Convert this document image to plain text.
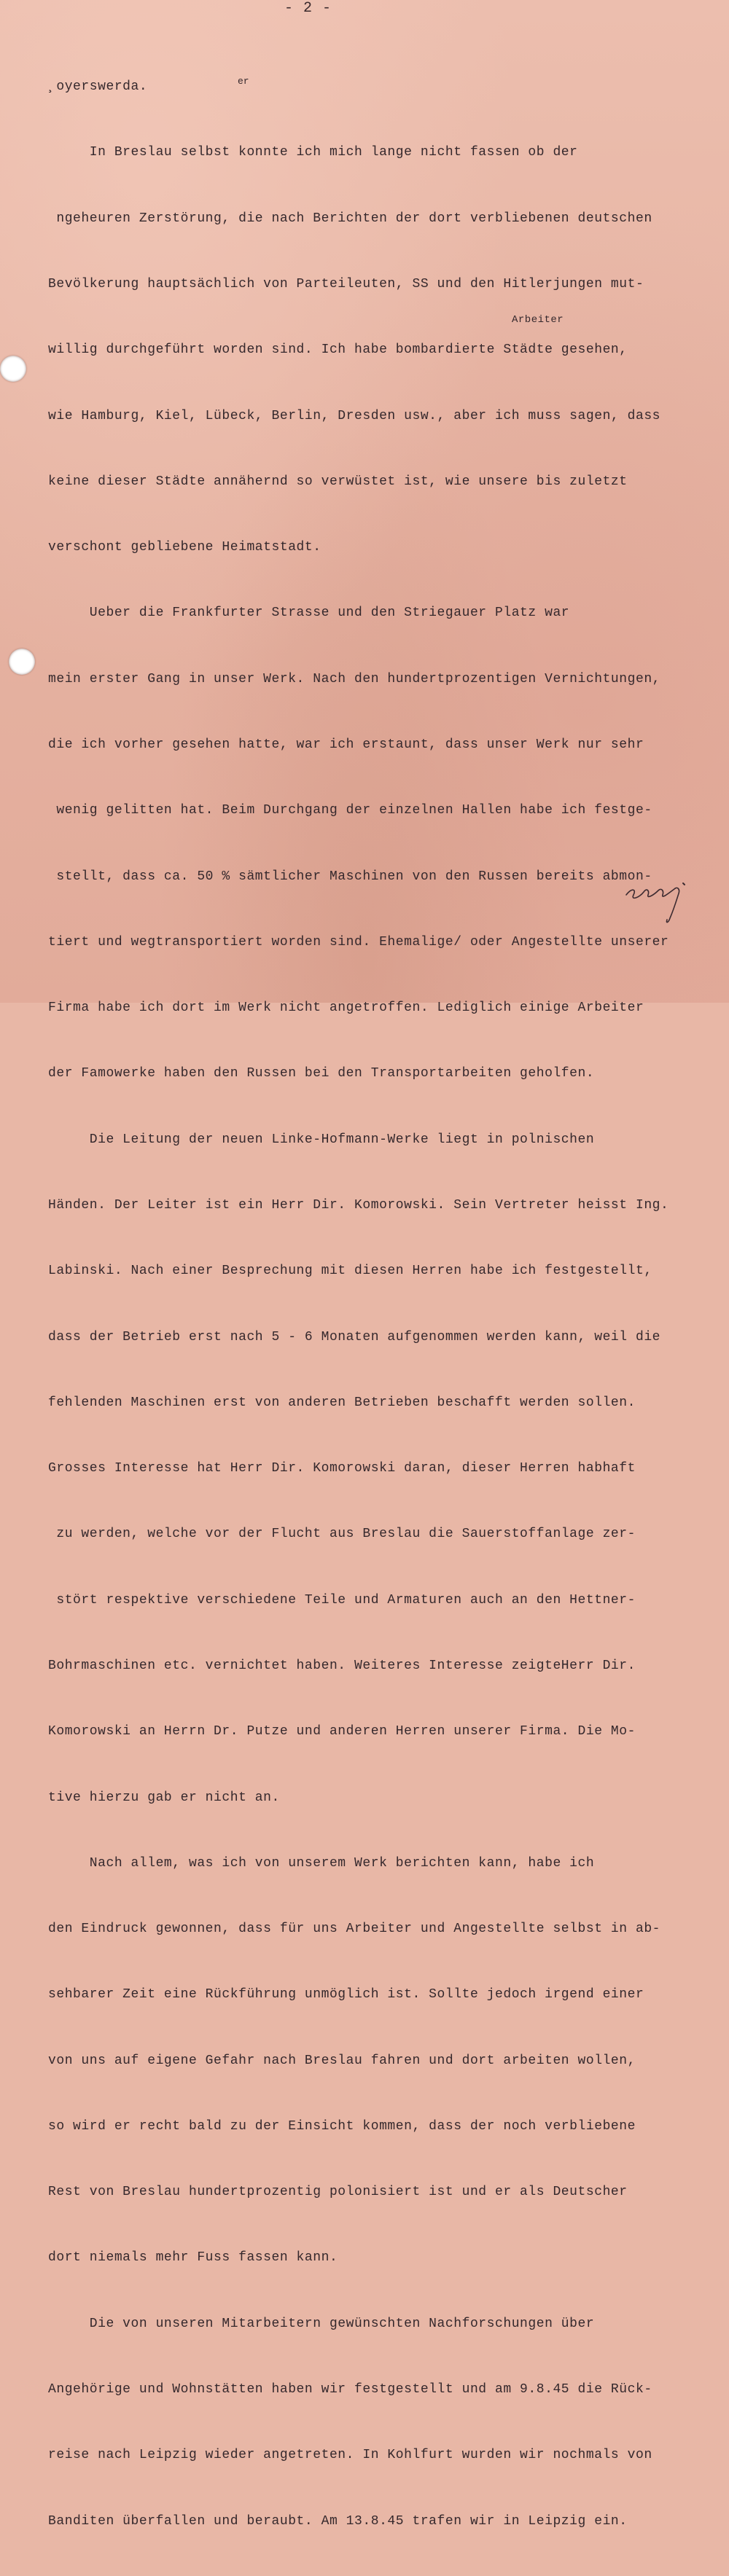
- 2 -

¸oyerswerda.

In Breslau selbst konnte ich mich lange nicht fassen ob der

ngeheuren Zerstörung, die nach Berichten der dort verbliebenen deutschen

Bevölkerung hauptsächlich von Parteileuten, SS und den Hitlerjungen mut-

willig durchgeführt worden sind. Ich habe bombardierte Städte gesehen,

wie Hamburg, Kiel, Lübeck, Berlin, Dresden usw., aber ich muss sagen, dass

keine dieser Städte annähernd so verwüstet ist, wie unsere bis zuletzt

verschont gebliebene Heimatstadt.

Ueber die Frankfurter Strasse und den Striegauer Platz war

mein erster Gang in unser Werk. Nach den hundertprozentigen Vernichtungen,

die ich vorher gesehen hatte, war ich erstaunt, dass unser Werk nur sehr

wenig gelitten hat. Beim Durchgang der einzelnen Hallen habe ich festge-

stellt, dass ca. 50 % sämtlicher Maschinen von den Russen bereits abmon-

tiert und wegtransportiert worden sind. Ehemalige/ oder Angestellte unserer

Firma habe ich dort im Werk nicht angetroffen. Lediglich einige Arbeiter

der Famowerke haben den Russen bei den Transportarbeiten geholfen.

Die Leitung der neuen Linke-Hofmann-Werke liegt in polnischen

Händen. Der Leiter ist ein Herr Dir. Komorowski. Sein Vertreter heisst Ing.

Labinski. Nach einer Besprechung mit diesen Herren habe ich festgestellt,

dass der Betrieb erst nach 5 - 6 Monaten aufgenommen werden kann, weil die

fehlenden Maschinen erst von anderen Betrieben beschafft werden sollen.

Grosses Interesse hat Herr Dir. Komorowski daran, dieser Herren habhaft

zu werden, welche vor der Flucht aus Breslau die Sauerstoffanlage zer-

stört respektive verschiedene Teile und Armaturen auch an den Hettner-

Bohrmaschinen etc. vernichtet haben. Weiteres Interesse zeigteHerr Dir.

Komorowski an Herrn Dr. Putze und anderen Herren unserer Firma. Die Mo-

tive hierzu gab er nicht an.

Nach allem, was ich von unserem Werk berichten kann, habe ich

den Eindruck gewonnen, dass für uns Arbeiter und Angestellte selbst in ab-

sehbarer Zeit eine Rückführung unmöglich ist. Sollte jedoch irgend einer

von uns auf eigene Gefahr nach Breslau fahren und dort arbeiten wollen,

so wird er recht bald zu der Einsicht kommen, dass der noch verbliebene

Rest von Breslau hundertprozentig polonisiert ist und er als Deutscher

dort niemals mehr Fuss fassen kann.

Die von unseren Mitarbeitern gewünschten Nachforschungen über

Angehörige und Wohnstätten haben wir festgestellt und am 9.8.45 die Rück-

reise nach Leipzig wieder angetreten. In Kohlfurt wurden wir nochmals von

Banditen überfallen und beraubt. Am 13.8.45 trafen wir in Leipzig ein.

Arbeiter
er
